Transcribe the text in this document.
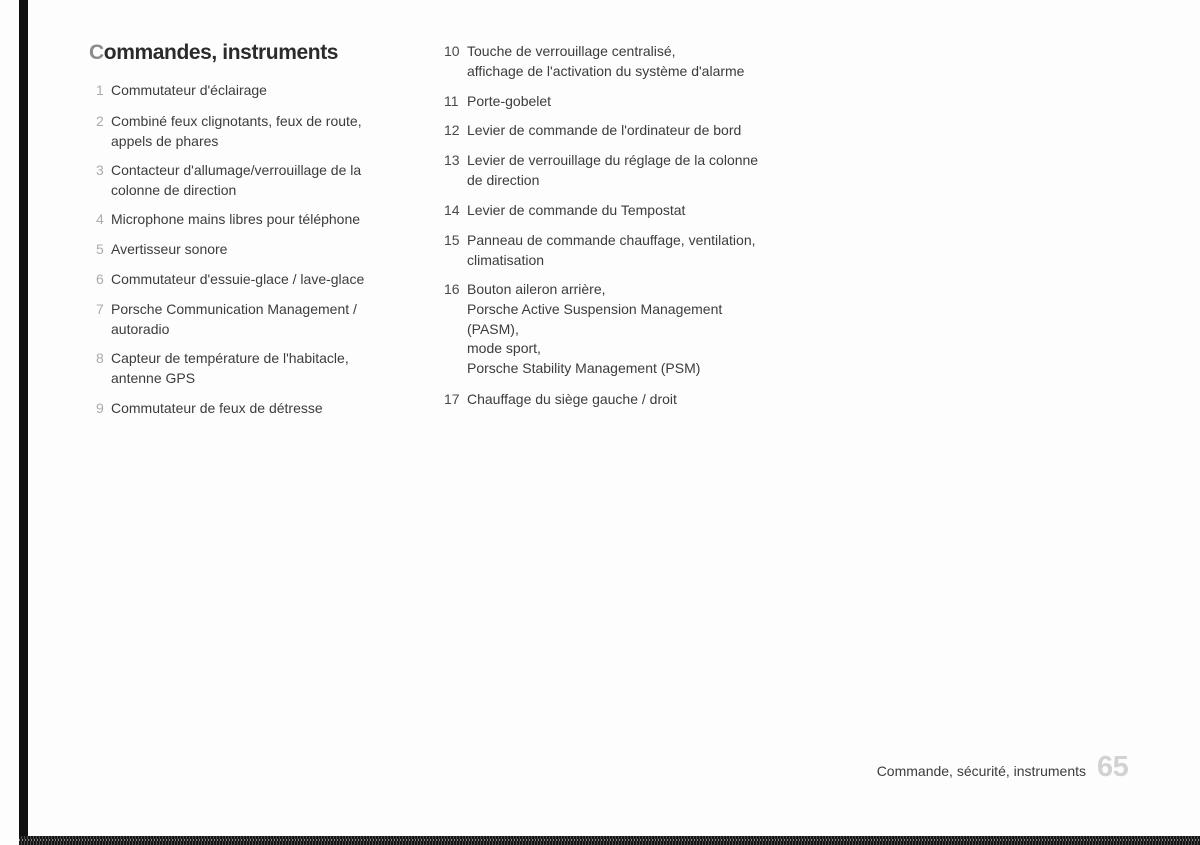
Commandes, instruments
1 Commutateur d'éclairage
2 Combiné feux clignotants, feux de route,
appels de phares
3 Contacteur d'allumage/verrouillage de la
colonne de direction
4 Microphone mains libres pour téléphone
5 Avertisseur sonore
6 Commutateur d'essuie-glace / lave-glace
7 Porsche Communication Management /
autoradio
8 Capteur de température de l'habitacle,
antenne GPS
9 Commutateur de feux de détresse
10 Touche de verrouillage centralisé,
affichage de l'activation du système d'alarme
11 Porte-gobelet
12 Levier de commande de l'ordinateur de bord
13 Levier de verrouillage du réglage de la colonne
de direction
14 Levier de commande du Tempostat
15 Panneau de commande chauffage, ventilation,
climatisation
16 Bouton aileron arrière,
Porsche Active Suspension Management
(PASM),
mode sport,
Porsche Stability Management (PSM)
17 Chauffage du siège gauche / droit
Commande, sécurité, instruments 65
